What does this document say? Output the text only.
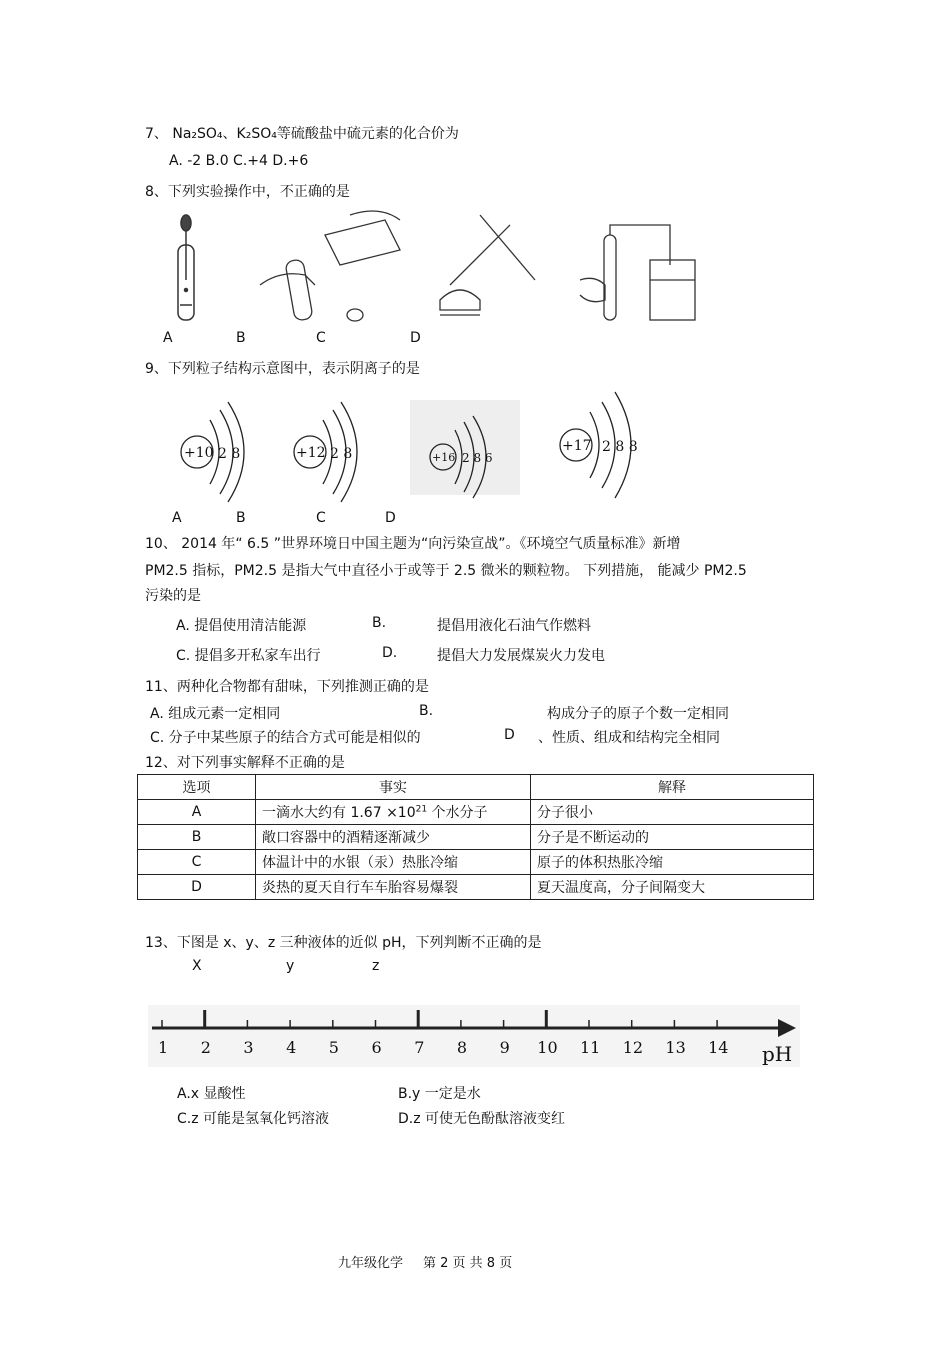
7、 Na₂SO₄、K₂SO₄等硫酸盐中硫元素的化合价为
A. -2 B.0 C.+4 D.+6
8、下列实验操作中，不正确的是
A	B	C	D
9、下列粒子结构示意图中，表示阴离子的是
+10 2 8	+12 2 8	+16 2 8 6
+17 2 8 8
A	B	C	D
10、 2014 年“ 6.5 ”世界环境日中国主题为“向污染宣战”。《环境空气质量标准》新增
PM2.5 指标，PM2.5 是指大气中直径小于或等于 2.5 微米的颗粒物。 下列措施， 能减少 PM2.5
污染的是
A. 提倡使用清洁能源	B.	提倡用液化石油气作燃料
C. 提倡多开私家车出行	D.	提倡大力发展煤炭火力发电
11、两种化合物都有甜味，下列推测正确的是
A. 组成元素一定相同	B.	构成分子的原子个数一定相同
C. 分子中某些原子的结合方式可能是相似的	D 、性质、组成和结构完全相同
12、对下列事实解释不正确的是
选项	事实	解释
A	一滴水大约有 $1.67 \times 10^{21}$ 个水分子	分子很小
B	敞口容器中的酒精逐渐减少	分子是不断运动的
C	体温计中的水银（汞）热胀冷缩	原子的体积热胀冷缩
D	炎热的夏天自行车车胎容易爆裂	夏天温度高，分子间隔变大
13、下图是 x、y、z 三种液体的近似 pH，下列判断不正确的是
X	y	z
1 2 3 4 5 6 7 8 9 10 11 12 13 14 pH
A.x 显酸性	B.y 一定是水
C.z 可能是氢氧化钙溶液	D.z 可使无色酚酞溶液变红
九年级化学 第 2 页 共 8 页
